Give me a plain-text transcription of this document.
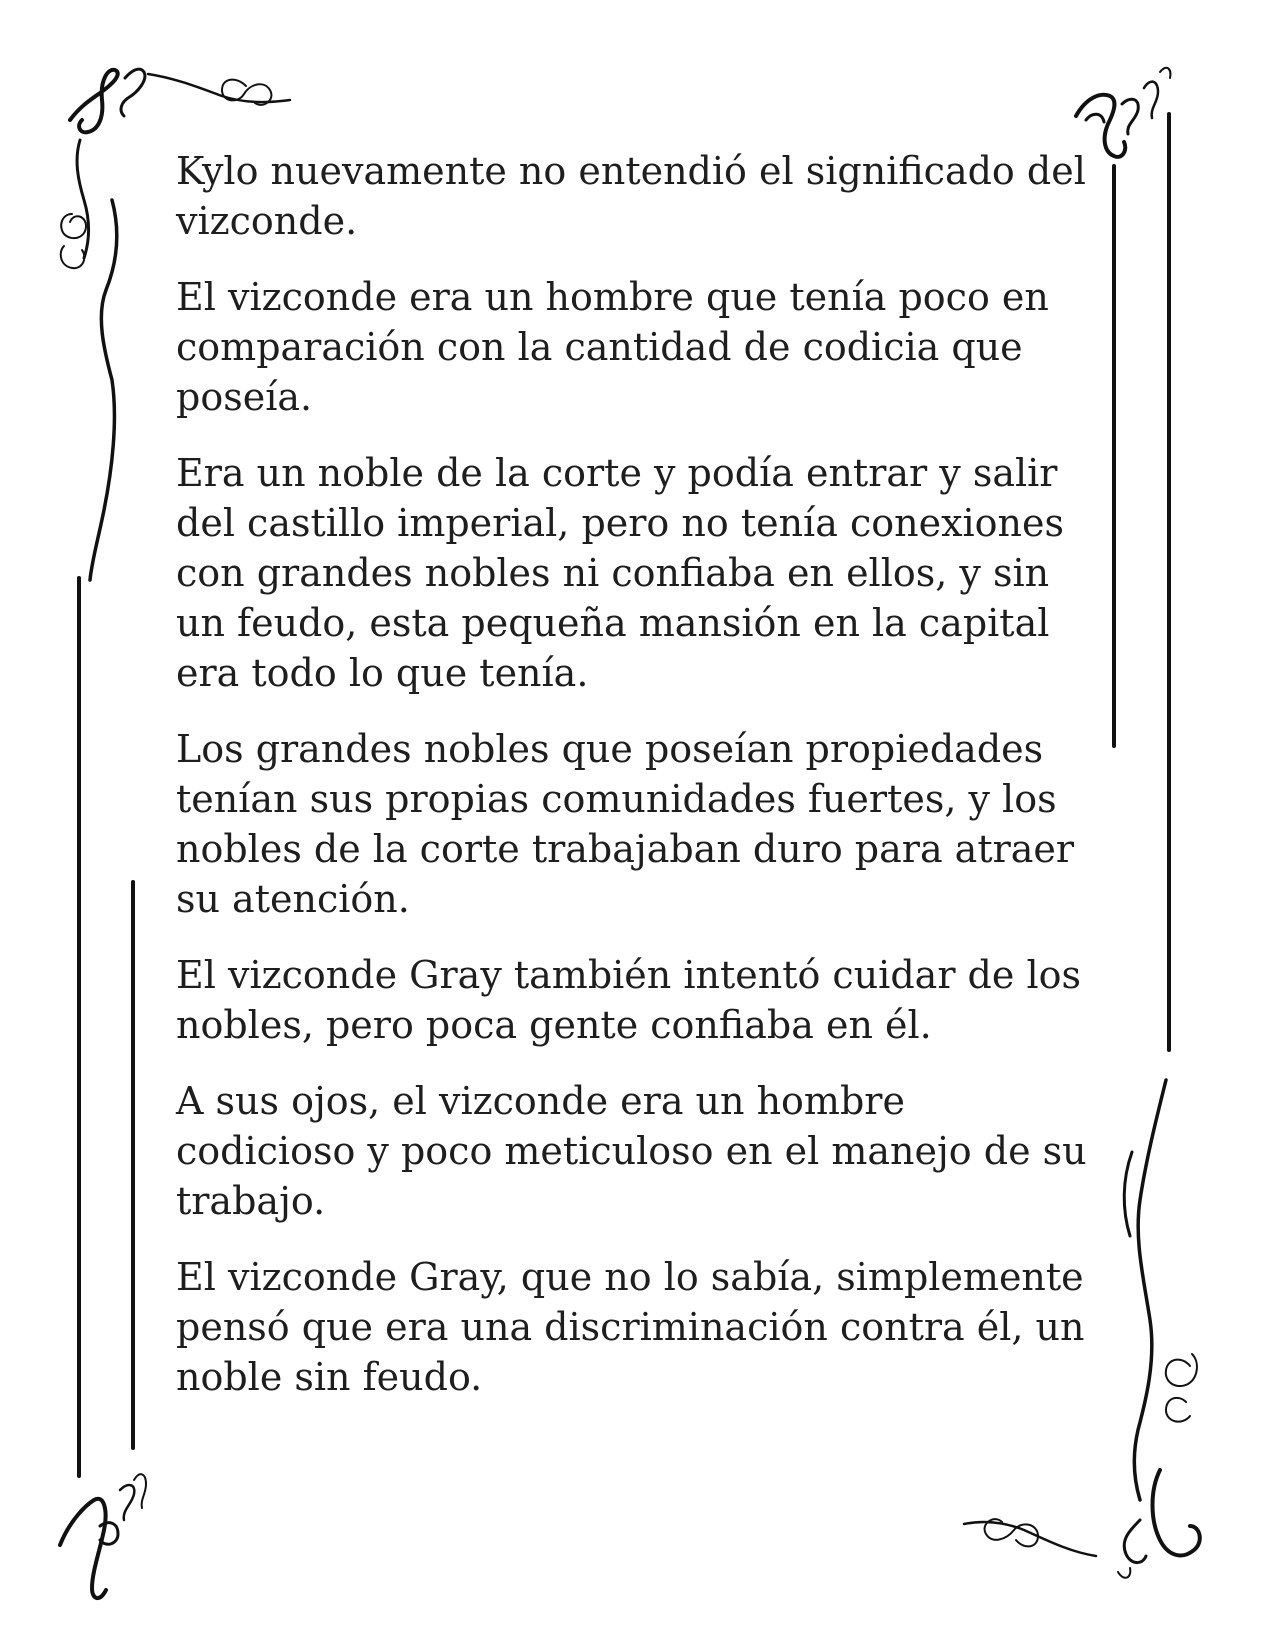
Kylo nuevamente no entendió el significado del vizconde.

El vizconde era un hombre que tenía poco en comparación con la cantidad de codicia que poseía.

Era un noble de la corte y podía entrar y salir del castillo imperial, pero no tenía conexiones con grandes nobles ni confiaba en ellos, y sin un feudo, esta pequeña mansión en la capital era todo lo que tenía.

Los grandes nobles que poseían propiedades tenían sus propias comunidades fuertes, y los nobles de la corte trabajaban duro para atraer su atención.

El vizconde Gray también intentó cuidar de los nobles, pero poca gente confiaba en él.

A sus ojos, el vizconde era un hombre codicioso y poco meticuloso en el manejo de su trabajo.

El vizconde Gray, que no lo sabía, simplemente pensó que era una discriminación contra él, un noble sin feudo.
